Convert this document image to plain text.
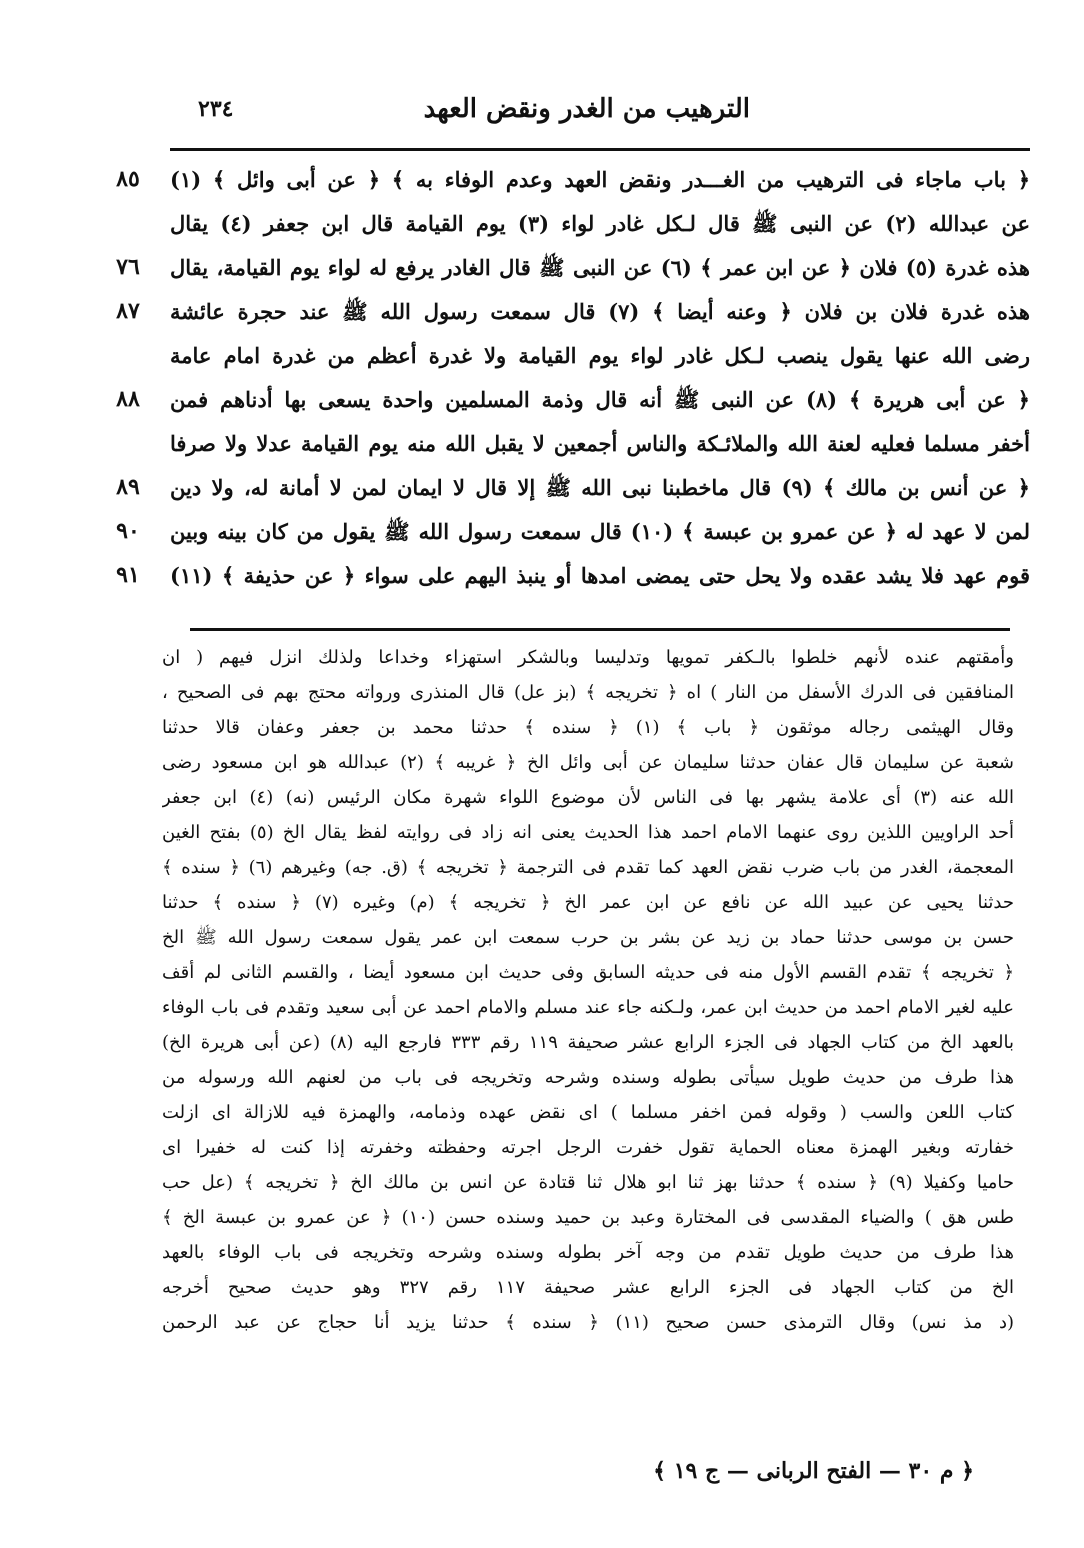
٢٣٤	الترهيب من الغدر ونقض العهد
٨٥
٧٦
٨٧
٨٨
٨٩
٩٠
٩١
﴿ باب ماجاء فى الترهيب من الغـــدر ونقض العهد وعدم الوفاء به ﴾ ﴿ عن أبى وائل ﴾ (١)
عن عبدالله (٢) عن النبى ﷺ قال لـكل غادر لواء (٣) يوم القيامة قال ابن جعفر (٤) يقال
هذه غدرة (٥) فلان ﴿ عن ابن عمر ﴾ (٦) عن النبى ﷺ قال الغادر يرفع له لواء يوم القيامة، يقال
هذه غدرة فلان بن فلان ﴿ وعنه أيضا ﴾ (٧) قال سمعت رسول الله ﷺ عند حجرة عائشة
رضى الله عنها يقول ينصب لـكل غادر لواء يوم القيامة ولا غدرة أعظم من غدرة امام عامة
﴿ عن أبى هريرة ﴾ (٨) عن النبى ﷺ أنه قال وذمة المسلمين واحدة يسعى بها أدناهم فمن
أخفر مسلما فعليه لعنة الله والملائـكة والناس أجمعين لا يقبل الله منه يوم القيامة عدلا ولا صرفا
﴿ عن أنس بن مالك ﴾ (٩) قال ماخطبنا نبى الله ﷺ إلا قال لا ايمان لمن لا أمانة له، ولا دين
لمن لا عهد له ﴿ عن عمرو بن عبسة ﴾ (١٠) قال سمعت رسول الله ﷺ يقول من كان بينه وبين
قوم عهد فلا يشد عقده ولا يحل حتى يمضى امدها أو ينبذ اليهم على سواء ﴿ عن حذيفة ﴾ (١١)
وأمقتهم عنده لأنهم خلطوا بالـكفر تمويها وتدليسا وبالشكر استهزاء وخداعا ولذلك انزل فيهم ( ان
المنافقين فى الدرك الأسفل من النار ) اه ﴿ تخريجه ﴾ (بز عل) قال المنذرى ورواته محتج بهم فى الصحيح ،
وقال الهيثمى رجاله موثقون ﴿ باب ﴾ (١) ﴿ سنده ﴾ حدثنا محمد بن جعفر وعفان قالا حدثنا
شعبة عن سليمان قال عفان حدثنا سليمان عن أبى وائل الخ ﴿ غريبه ﴾ (٢) عبدالله هو ابن مسعود رضى
الله عنه (٣) أى علامة يشهر بها فى الناس لأن موضوع اللواء شهرة مكان الرئيس (نه) (٤) ابن جعفر
أحد الراويين اللذين روى عنهما الامام احمد هذا الحديث يعنى انه زاد فى روايته لفظ يقال الخ (٥) بفتح الغين
المعجمة، الغدر من باب ضرب نقض العهد كما تقدم فى الترجمة ﴿ تخريجه ﴾ (ق. جه) وغيرهم (٦) ﴿ سنده ﴾
حدثنا يحيى عن عبيد الله عن نافع عن ابن عمر الخ ﴿ تخريجه ﴾ (م) وغيره (٧) ﴿ سنده ﴾ حدثنا
حسن بن موسى حدثنا حماد بن زيد عن بشر بن حرب سمعت ابن عمر يقول سمعت رسول الله ﷺ الخ
﴿ تخريجه ﴾ تقدم القسم الأول منه فى حديثه السابق وفى حديث ابن مسعود أيضا ، والقسم الثانى لم أقف
عليه لغير الامام احمد من حديث ابن عمر، ولـكنه جاء عند مسلم والامام احمد عن أبى سعيد وتقدم فى باب الوفاء
بالعهد الخ من كتاب الجهاد فى الجزء الرابع عشر صحيفة ١١٩ رقم ٣٣٣ فارجع اليه (٨) (عن أبى هريرة الخ)
هذا طرف من حديث طويل سيأتى بطوله وسنده وشرحه وتخريجه فى باب من لعنهم الله ورسوله من
كتاب اللعن والسب ( وقوله فمن اخفر مسلما ) اى نقض عهده وذمامه، والهمزة فيه للازالة اى ازلت
خفارته وبغير الهمزة معناه الحماية تقول خفرت الرجل اجرته وحفظته وخفرته إذا كنت له خفيرا اى
حاميا وكفيلا (٩) ﴿ سنده ﴾ حدثنا بهز ثنا ابو هلال ثنا قتادة عن انس بن مالك الخ ﴿ تخريجه ﴾ (عل حب
طس هق ) والضياء المقدسى فى المختارة وعبد بن حميد وسنده حسن (١٠) ﴿ عن عمرو بن عبسة الخ ﴾
هذا طرف من حديث طويل تقدم من وجه آخر بطوله وسنده وشرحه وتخريجه فى باب الوفاء بالعهد
الخ من كتاب الجهاد فى الجزء الرابع عشر صحيفة ١١٧ رقم ٣٢٧ وهو حديث صحيح أخرجه
(د مذ نس) وقال الترمذى حسن صحيح (١١) ﴿ سنده ﴾ حدثنا يزيد أنا حجاج عن عبد الرحمن
﴿ م ٣٠ — الفتح الربانى — ج ١٩ ﴾
